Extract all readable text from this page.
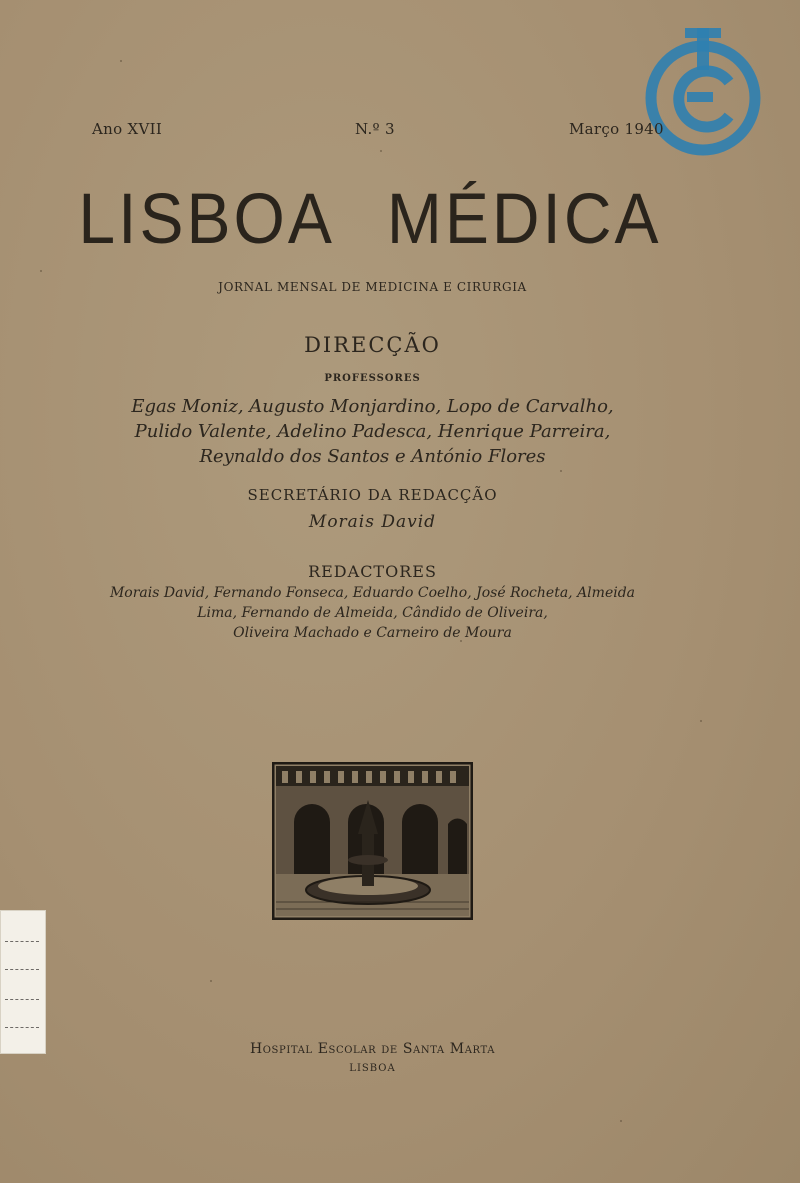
Ano XVII	N.º 3	Março 1940
LISBOA MÉDICA
JORNAL MENSAL DE MEDICINA E CIRURGIA
DIRECÇÃO
PROFESSORES
Egas Moniz, Augusto Monjardino, Lopo de Carvalho,
Pulido Valente, Adelino Padesca, Henrique Parreira,
Reynaldo dos Santos e António Flores
SECRETÁRIO DA REDACÇÃO
Morais David
REDACTORES
Morais David, Fernando Fonseca, Eduardo Coelho, José Rocheta, Almeida
Lima, Fernando de Almeida, Cândido de Oliveira,
Oliveira Machado e Carneiro de Moura
Hospital Escolar de Santa Marta
LISBOA
